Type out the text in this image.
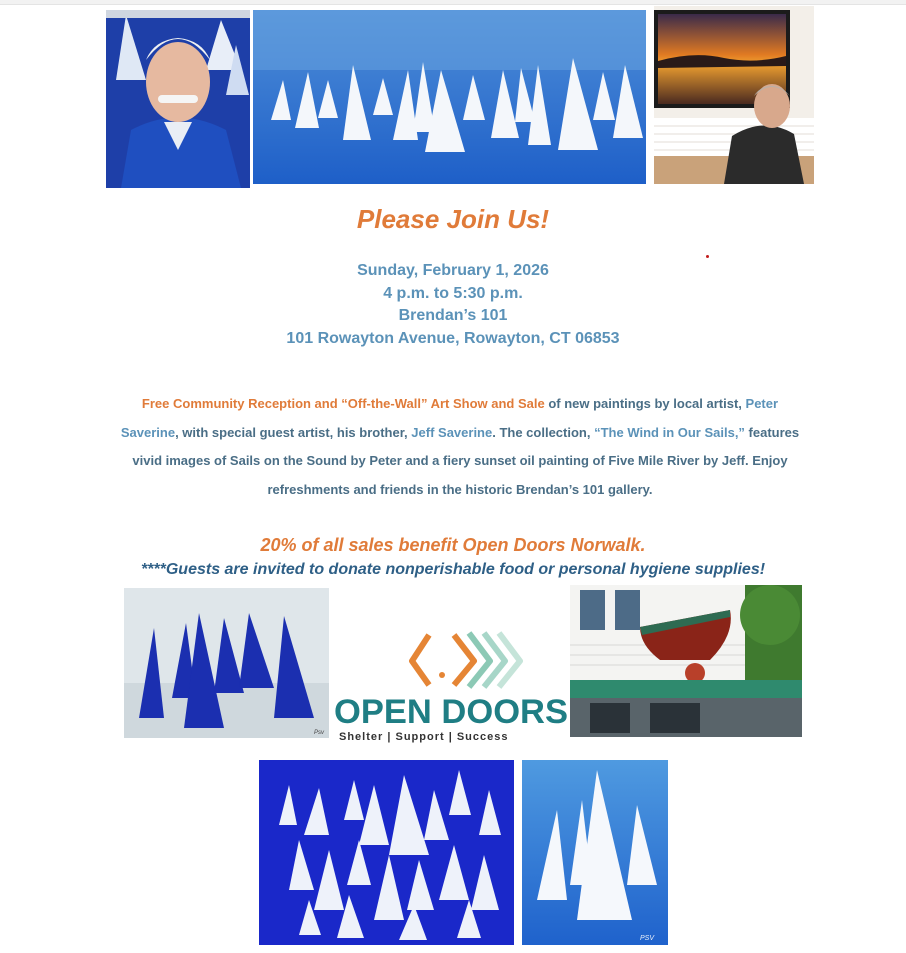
Please Join Us!
Sunday, February 1, 2026
4 p.m. to 5:30 p.m.
Brendan’s 101
101 Rowayton Avenue, Rowayton, CT 06853
Free Community Reception and “Off-the-Wall” Art Show and Sale of new paintings by local artist, Peter Saverine, with special guest artist, his brother, Jeff Saverine. The collection, “The Wind in Our Sails,” features vivid images of Sails on the Sound by Peter and a fiery sunset oil painting of Five Mile River by Jeff. Enjoy refreshments and friends in the historic Brendan’s 101 gallery.
20% of all sales benefit Open Doors Norwalk.
****Guests are invited to donate nonperishable food or personal hygiene supplies!
Psv
OPEN DOORS
Shelter | Support | Success
PSV
